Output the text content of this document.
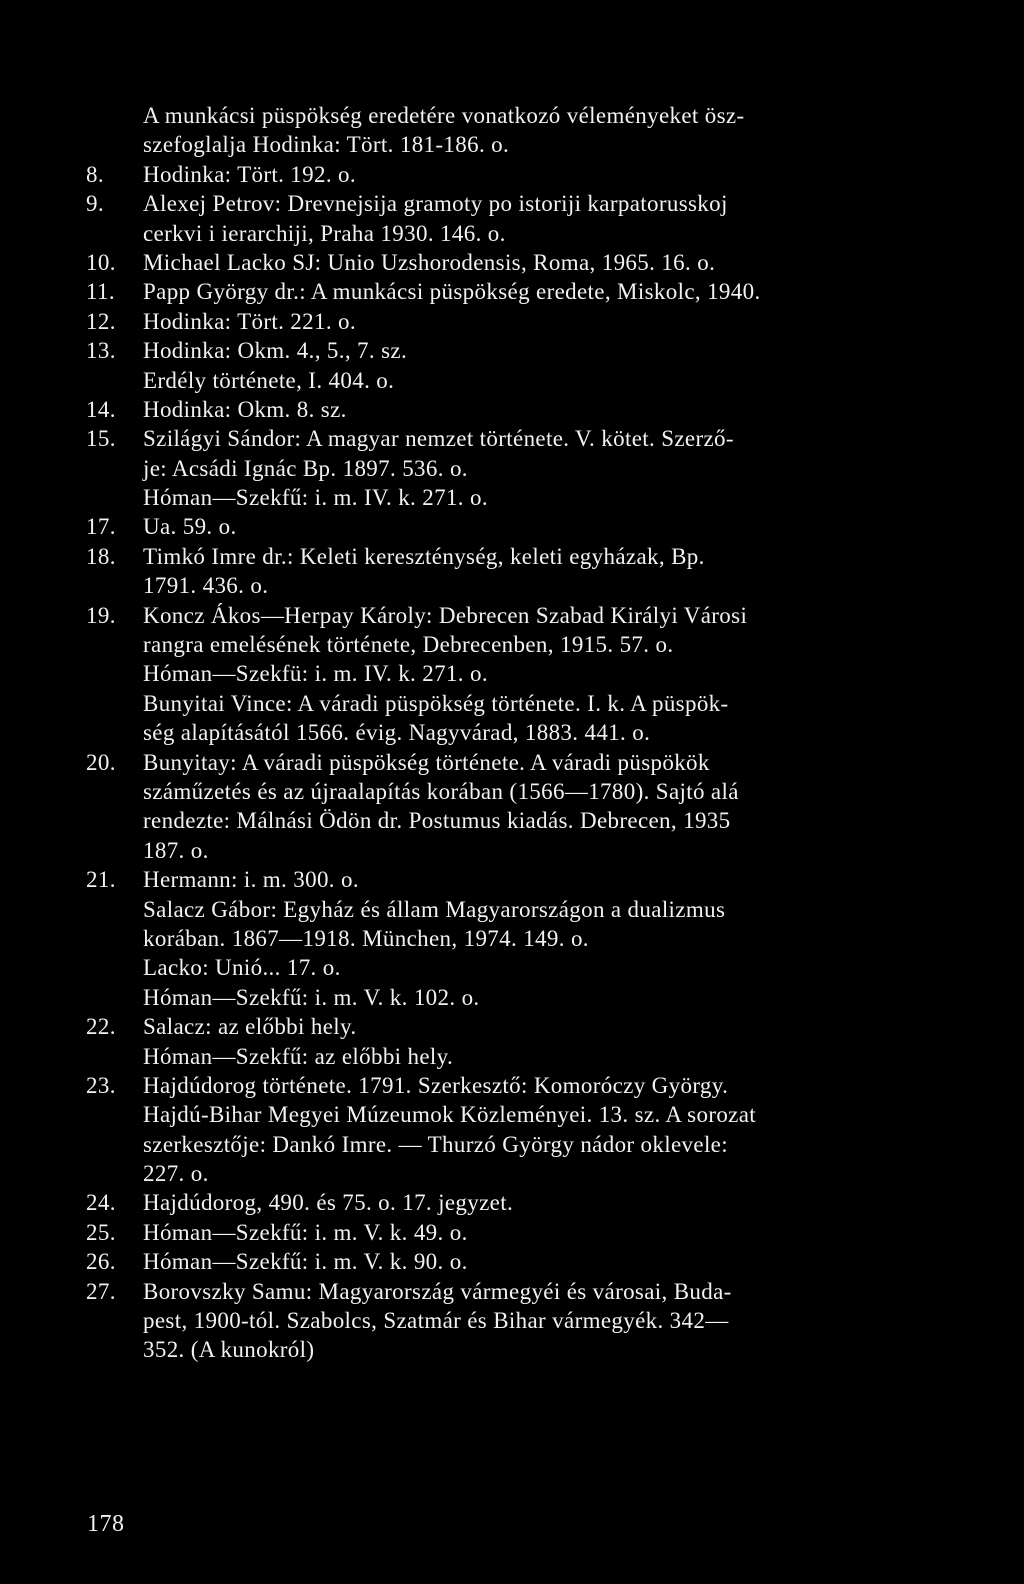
A munkácsi püspökség eredetére vonatkozó véleményeket ösz-
szefoglalja Hodinka: Tört. 181-186. o.
8.	Hodinka: Tört. 192. o.
9.	Alexej Petrov: Drevnejsija gramoty po istoriji karpatorusskoj
cerkvi i ierarchiji, Praha 1930. 146. o.
10.	Michael Lacko SJ: Unio Uzshorodensis, Roma, 1965. 16. o.
11.	Papp György dr.: A munkácsi püspökség eredete, Miskolc, 1940.
12.	Hodinka: Tört. 221. o.
13.	Hodinka: Okm. 4., 5., 7. sz.
Erdély története, I. 404. o.
14.	Hodinka: Okm. 8. sz.
15.	Szilágyi Sándor: A magyar nemzet története. V. kötet. Szerző-
je: Acsádi Ignác Bp. 1897. 536. o.
Hóman—Szekfű: i. m. IV. k. 271. o.
17.	Ua. 59. o.
18.	Timkó Imre dr.: Keleti kereszténység, keleti egyházak, Bp.
1791. 436. o.
19.	Koncz Ákos—Herpay Károly: Debrecen Szabad Királyi Városi
rangra emelésének története, Debrecenben, 1915. 57. o.
Hóman—Szekfü: i. m. IV. k. 271. o.
Bunyitai Vince: A váradi püspökség története. I. k. A püspök-
ség alapításától 1566. évig. Nagyvárad, 1883. 441. o.
20.	Bunyitay: A váradi püspökség története. A váradi püspökök
száműzetés és az újraalapítás korában (1566—1780). Sajtó alá
rendezte: Málnási Ödön dr. Postumus kiadás. Debrecen, 1935
187. o.
21.	Hermann: i. m. 300. o.
Salacz Gábor: Egyház és állam Magyarországon a dualizmus
korában. 1867—1918. München, 1974. 149. o.
Lacko: Unió... 17. o.
Hóman—Szekfű: i. m. V. k. 102. o.
22.	Salacz: az előbbi hely.
Hóman—Szekfű: az előbbi hely.
23.	Hajdúdorog története. 1791. Szerkesztő: Komoróczy György.
Hajdú-Bihar Megyei Múzeumok Közleményei. 13. sz. A sorozat
szerkesztője: Dankó Imre. — Thurzó György nádor oklevele:
227. o.
24.	Hajdúdorog, 490. és 75. o. 17. jegyzet.
25.	Hóman—Szekfű: i. m. V. k. 49. o.
26.	Hóman—Szekfű: i. m. V. k. 90. o.
27.	Borovszky Samu: Magyarország vármegyéi és városai, Buda-
pest, 1900-tól. Szabolcs, Szatmár és Bihar vármegyék. 342—
352. (A kunokról)
178
